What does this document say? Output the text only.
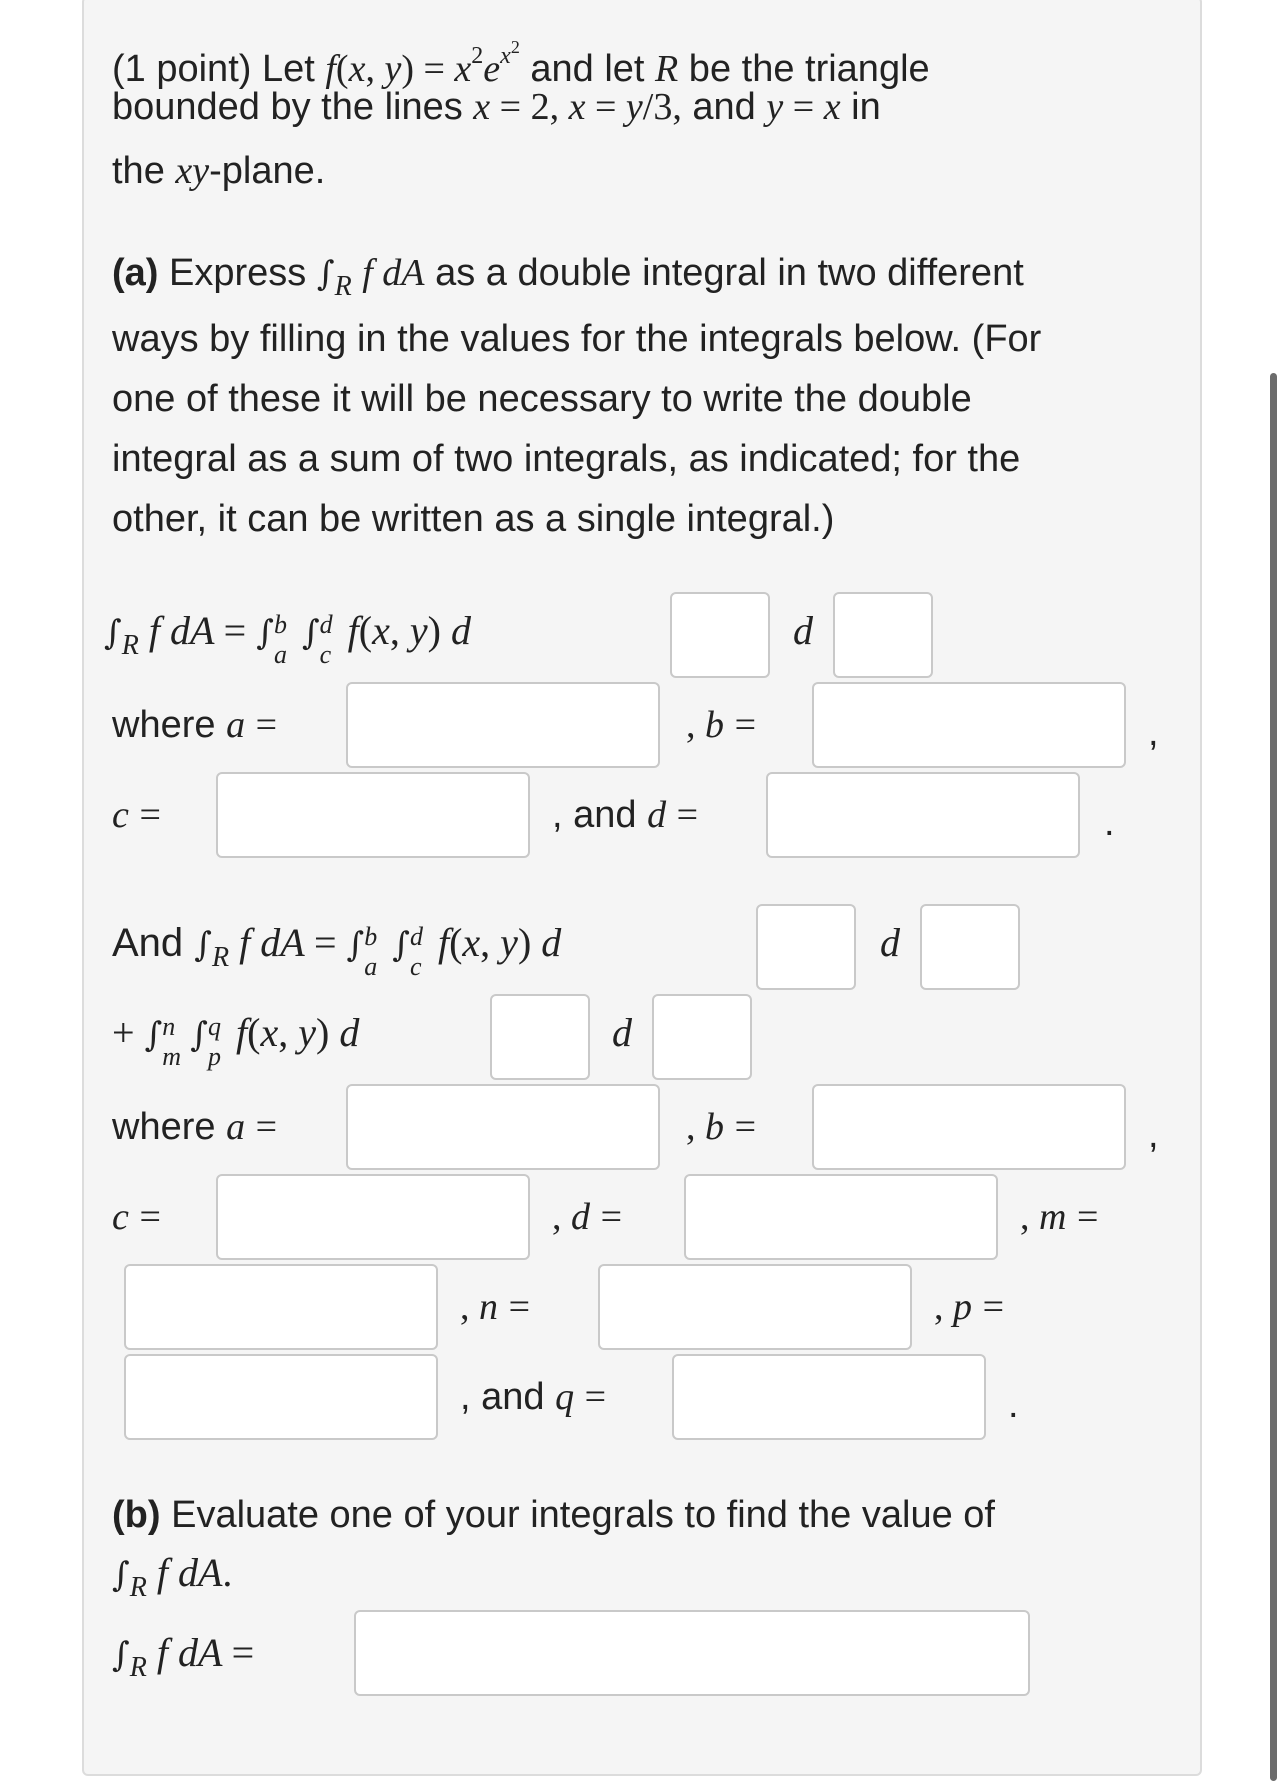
(1 point) Let f(x, $y) = x^2e^{x2}$ and let R be the triangle
bounded by the lines x = 2, x = y/3, and y = x in
the xy-plane.
(a) Express $\int_R$ f dA as a double integral in two different
ways by filling in the values for the integrals below. (For
one of these it will be necessary to write the double
integral as a sum of two integrals, as indicated; for the
other, it can be written as a single integral.)
$\int_R$ f dA = ∫ b
a
∫ d
c
f(x, y) d	d
where a =	, b =	,
c =	, and d =	.
And $\int_R$ f dA = ∫ b
a
∫ d
c
f(x, y) d	d
+ ∫ n
m
∫ q
p
f(x, y) d	d
where a =	, b =	,
c =	, d =	, m =
, n =	, p =
, and q =	.
(b) Evaluate one of your integrals to find the value of
$\int_R$ f dA.
$\int_R$ f dA =
